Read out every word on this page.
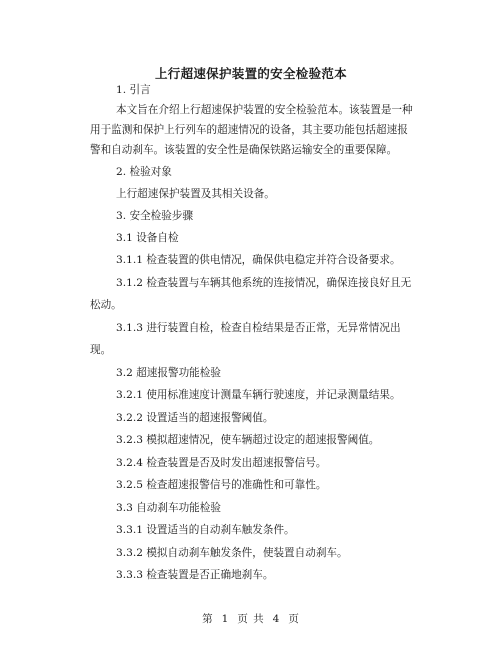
上行超速保护装置的安全检验范本
1. 引言
本文旨在介绍上行超速保护装置的安全检验范本。该装置是一种
用于监测和保护上行列车的超速情况的设备，其主要功能包括超速报
警和自动刹车。该装置的安全性是确保铁路运输安全的重要保障。
2. 检验对象
上行超速保护装置及其相关设备。
3. 安全检验步骤
3.1 设备自检
3.1.1 检查装置的供电情况，确保供电稳定并符合设备要求。
3.1.2 检查装置与车辆其他系统的连接情况，确保连接良好且无
松动。
3.1.3 进行装置自检，检查自检结果是否正常，无异常情况出
现。
3.2 超速报警功能检验
3.2.1 使用标准速度计测量车辆行驶速度，并记录测量结果。
3.2.2 设置适当的超速报警阈值。
3.2.3 模拟超速情况，使车辆超过设定的超速报警阈值。
3.2.4 检查装置是否及时发出超速报警信号。
3.2.5 检查超速报警信号的准确性和可靠性。
3.3 自动刹车功能检验
3.3.1 设置适当的自动刹车触发条件。
3.3.2 模拟自动刹车触发条件，使装置自动刹车。
3.3.3 检查装置是否正确地刹车。
第 1 页 共 4 页
